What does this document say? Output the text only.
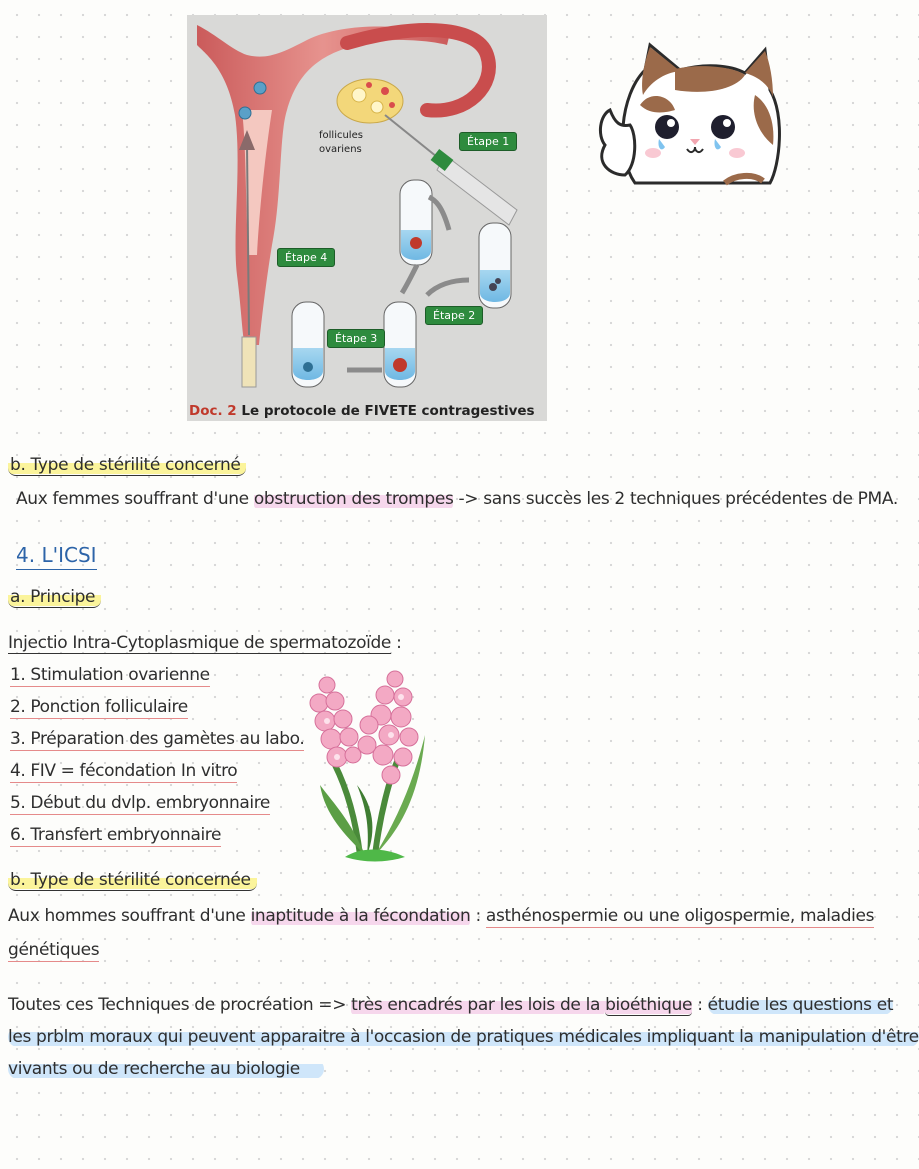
follicules
ovariens
Étape 1
Étape 2
Étape 3
Étape 4
Doc. 2 Le protocole de FIVETE contragestives
b. Type de stérilité concerné
Aux femmes souffrant d'une obstruction des trompes -> sans succès les 2 techniques précédentes de PMA.
4. L'ICSI
a. Principe
Injectio Intra-Cytoplasmique de spermatozoïde :
1. Stimulation ovarienne
2. Ponction folliculaire
3. Préparation des gamètes au labo.
4. FIV = fécondation In vitro
5. Début du dvlp. embryonnaire
6. Transfert embryonnaire
b. Type de stérilité concernée
Aux hommes souffrant d'une inaptitude à la fécondation : asthénospermie ou une oligospermie, maladies
génétiques
Toutes ces Techniques de procréation => très encadrés par les lois de la bioéthique : étudie les questions et
les prblm moraux qui peuvent apparaitre à l'occasion de pratiques médicales impliquant la manipulation d'être
vivants ou de recherche au biologie
